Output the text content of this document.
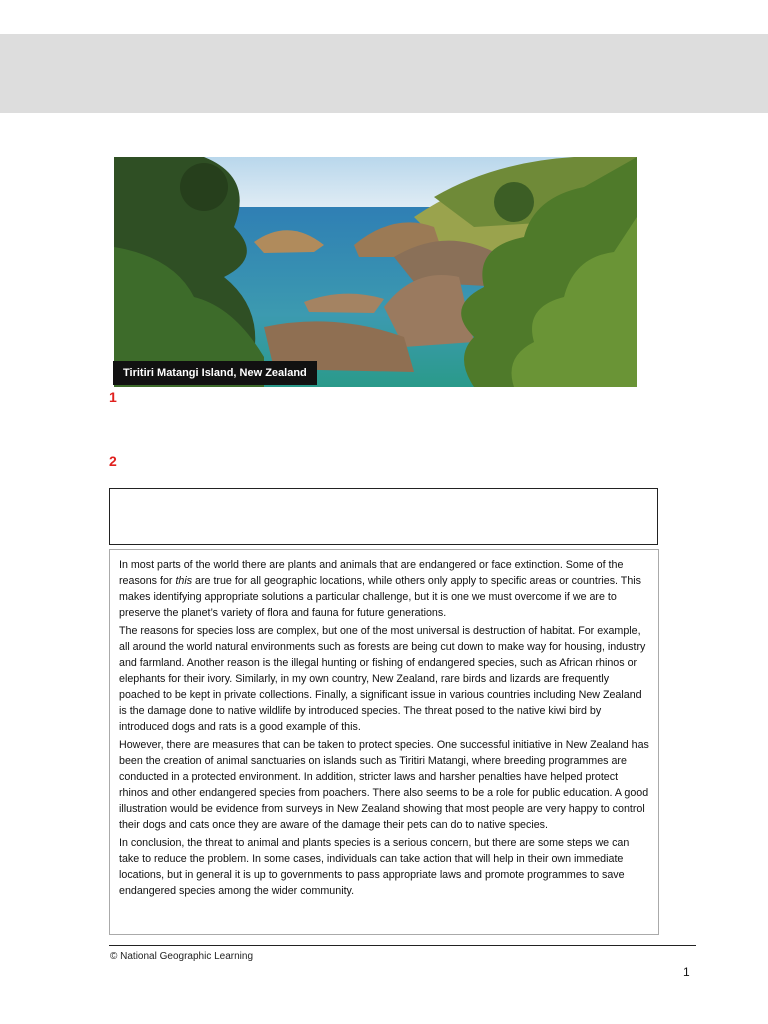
Tiritiri Matangi Island, New Zealand
1
2

In most parts of the world there are plants and animals that are endangered or face extinction. Some of the reasons for this are true for all geographic locations, while others only apply to specific areas or countries. This makes identifying appropriate solutions a particular challenge, but it is one we must overcome if we are to preserve the planet’s variety of flora and fauna for future generations.

The reasons for species loss are complex, but one of the most universal is destruction of habitat. For example, all around the world natural environments such as forests are being cut down to make way for housing, industry and farmland. Another reason is the illegal hunting or fishing of endangered species, such as African rhinos or elephants for their ivory. Similarly, in my own country, New Zealand, rare birds and lizards are frequently poached to be kept in private collections. Finally, a significant issue in various countries including New Zealand is the damage done to native wildlife by introduced species. The threat posed to the native kiwi bird by introduced dogs and rats is a good example of this.

However, there are measures that can be taken to protect species. One successful initiative in New Zealand has been the creation of animal sanctuaries on islands such as Tiritiri Matangi, where breeding programmes are conducted in a protected environment. In addition, stricter laws and harsher penalties have helped protect rhinos and other endangered species from poachers. There also seems to be a role for public education. A good illustration would be evidence from surveys in New Zealand showing that most people are very happy to control their dogs and cats once they are aware of the damage their pets can do to native species.

In conclusion, the threat to animal and plants species is a serious concern, but there are some steps we can take to reduce the problem. In some cases, individuals can take action that will help in their own immediate locations, but in general it is up to governments to pass appropriate laws and promote programmes to save endangered species among the wider community.

© National Geographic Learning
1
